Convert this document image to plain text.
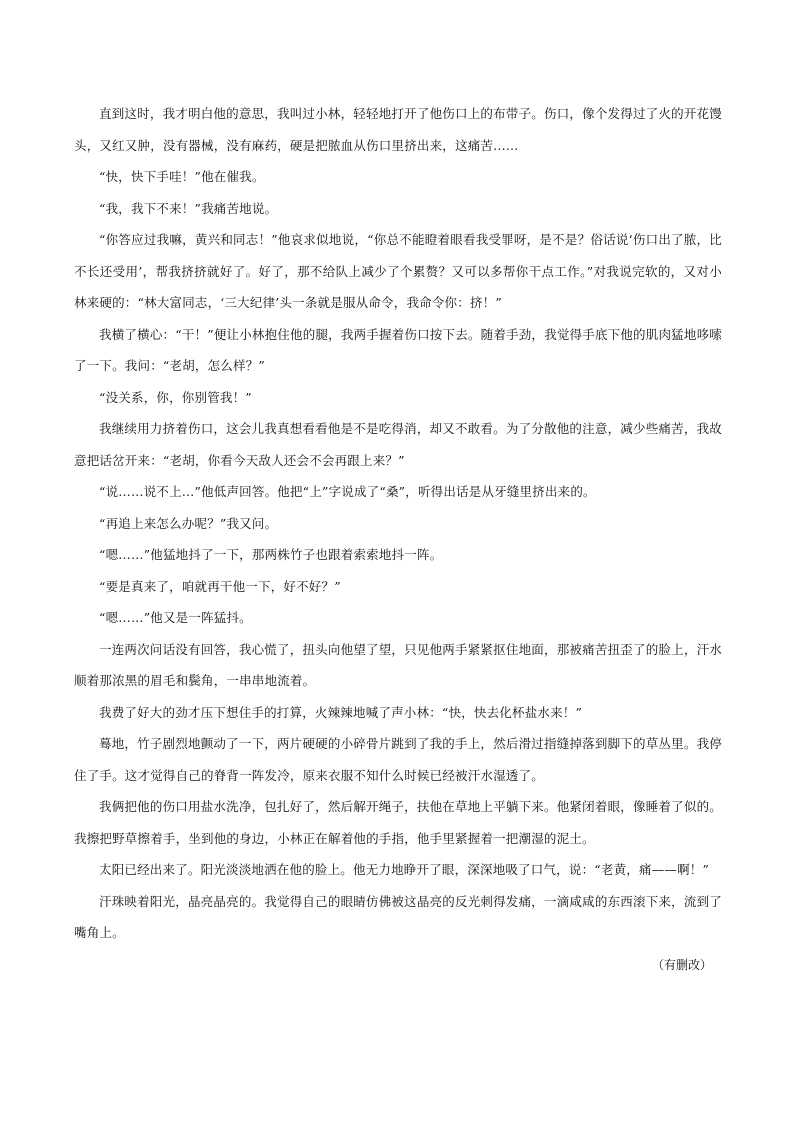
直到这时，我才明白他的意思，我叫过小林，轻轻地打开了他伤口上的布带子。伤口，像个发得过了火的开花馒头，又红又肿，没有器械，没有麻药，硬是把脓血从伤口里挤出来，这痛苦……

“快，快下手哇！”他在催我。

“我，我下不来！”我痛苦地说。

“你答应过我嘛，黄兴和同志！”他哀求似地说，“你总不能瞪着眼看我受罪呀，是不是？俗话说‘伤口出了脓，比不长还受用’，帮我挤挤就好了。好了，那不给队上减少了个累赘？又可以多帮你干点工作。”对我说完软的，又对小林来硬的：“林大富同志，‘三大纪律’头一条就是服从命令，我命令你：挤！”

我横了横心：“干！”便让小林抱住他的腿，我两手握着伤口按下去。随着手劲，我觉得手底下他的肌肉猛地哆嗦了一下。我问：“老胡，怎么样？”

“没关系，你，你别管我！”

我继续用力挤着伤口，这会儿我真想看看他是不是吃得消，却又不敢看。为了分散他的注意，减少些痛苦，我故意把话岔开来：“老胡，你看今天敌人还会不会再跟上来？”

“说……说不上…”他低声回答。他把“上”字说成了“桑”，听得出话是从牙缝里挤出来的。

“再追上来怎么办呢？”我又问。

“嗯……”他猛地抖了一下，那两株竹子也跟着索索地抖一阵。

“要是真来了，咱就再干他一下，好不好？”

“嗯……”他又是一阵猛抖。

一连两次问话没有回答，我心慌了，扭头向他望了望，只见他两手紧紧抠住地面，那被痛苦扭歪了的脸上，汗水顺着那浓黑的眉毛和鬓角，一串串地流着。

我费了好大的劲才压下想住手的打算，火辣辣地喊了声小林：“快，快去化杯盐水来！”

蓦地，竹子剧烈地颤动了一下，两片硬硬的小碎骨片跳到了我的手上，然后滑过指缝掉落到脚下的草丛里。我停住了手。这才觉得自己的脊背一阵发冷，原来衣服不知什么时候已经被汗水湿透了。

我俩把他的伤口用盐水洗净，包扎好了，然后解开绳子，扶他在草地上平躺下来。他紧闭着眼，像睡着了似的。我擦把野草擦着手，坐到他的身边，小林正在解着他的手指，他手里紧握着一把潮湿的泥土。

太阳已经出来了。阳光淡淡地洒在他的脸上。他无力地睁开了眼，深深地吸了口气，说：“老黄，痛——啊！”

汗珠映着阳光，晶亮晶亮的。我觉得自己的眼睛仿佛被这晶亮的反光刺得发痛，一滴咸咸的东西滚下来，流到了嘴角上。

（有删改）
